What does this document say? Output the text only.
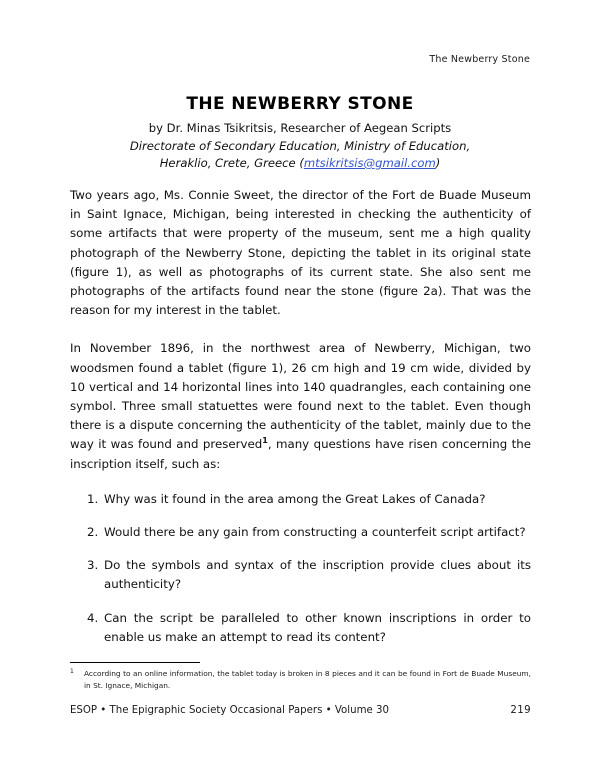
The Newberry Stone
THE NEWBERRY STONE
by Dr. Minas Tsikritsis, Researcher of Aegean Scripts
Directorate of Secondary Education, Ministry of Education,
Heraklio, Crete, Greece (mtsikritsis@gmail.com)

Two years ago, Ms. Connie Sweet, the director of the Fort de Buade Museum in Saint Ignace, Michigan, being interested in checking the authenticity of some artifacts that were property of the museum, sent me a high quality photograph of the Newberry Stone, depicting the tablet in its original state (figure 1), as well as photographs of its current state. She also sent me photographs of the artifacts found near the stone (figure 2a). That was the reason for my interest in the tablet.

In November 1896, in the northwest area of Newberry, Michigan, two woodsmen found a tablet (figure 1), 26 cm high and 19 cm wide, divided by 10 vertical and 14 horizontal lines into 140 quadrangles, each containing one symbol. Three small statuettes were found next to the tablet. Even though there is a dispute concerning the authenticity of the tablet, mainly due to the way it was found and preserved$^1$, many questions have risen concerning the inscription itself, such as:

Why was it found in the area among the Great Lakes of Canada?
Would there be any gain from constructing a counterfeit script artifact?
Do the symbols and syntax of the inscription provide clues about its authenticity?
Can the script be paralleled to other known inscriptions in order to enable us make an attempt to read its content?
1 According to an online information, the tablet today is broken in 8 pieces and it can be found in Fort de Buade Museum, in St. Ignace, Michigan.
ESOP • The Epigraphic Society Occasional Papers • Volume 30	219
